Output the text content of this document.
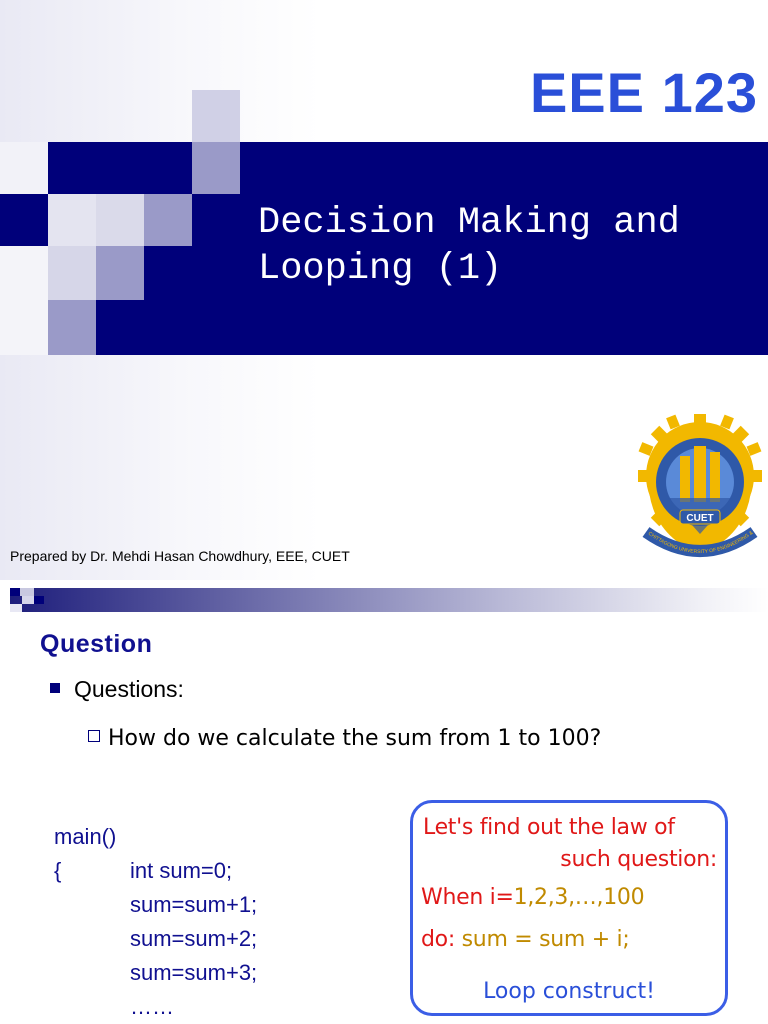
EEE 123
Decision Making and
Looping (1)
Prepared by Dr. Mehdi Hasan Chowdhury, EEE, CUET
CUET
CHITTAGONG UNIVERSITY OF ENGINEERING &
Question
Questions:
How do we calculate the sum from 1 to 100?
main()
{	int sum=0;
sum=sum+1;
sum=sum+2;
sum=sum+3;
……
Let's find out the law of
such question:
When i=1,2,3,…,100
do: sum = sum + i;
Loop construct!
